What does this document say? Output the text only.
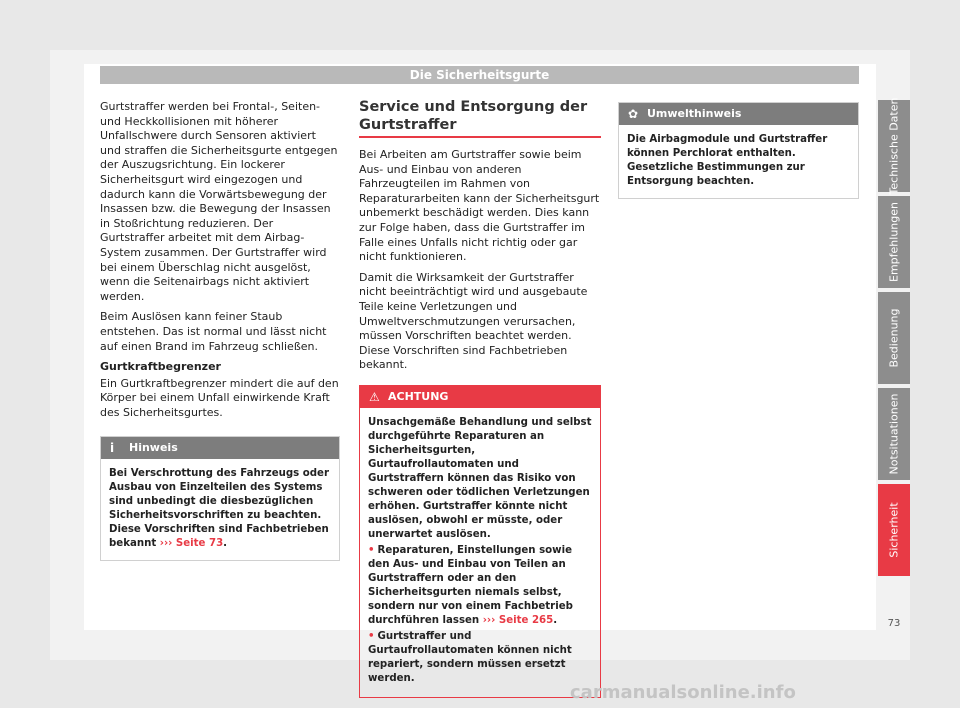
Die Sicherheitsgurte

Gurtstraffer werden bei Frontal-, Seiten- und Heckkollisionen mit höherer Unfallschwere durch Sensoren aktiviert und straffen die Sicherheitsgurte entgegen der Auszugsrichtung. Ein lockerer Sicherheitsgurt wird eingezogen und dadurch kann die Vorwärtsbewegung der Insassen bzw. die Bewegung der Insassen in Stoßrichtung reduzieren. Der Gurtstraffer arbeitet mit dem Airbag-System zusammen. Der Gurtstraffer wird bei einem Überschlag nicht ausgelöst, wenn die Seitenairbags nicht aktiviert werden.

Beim Auslösen kann feiner Staub entstehen. Das ist normal und lässt nicht auf einen Brand im Fahrzeug schließen.

Gurtkraftbegrenzer

Ein Gurtkraftbegrenzer mindert die auf den Körper bei einem Unfall einwirkende Kraft des Sicherheitsgurtes.

i Hinweis
Bei Verschrottung des Fahrzeugs oder Ausbau von Einzelteilen des Systems sind unbedingt die diesbezüglichen Sicherheitsvorschriften zu beachten. Diese Vorschriften sind Fachbetrieben bekannt ››› Seite 73.
Service und Entsorgung der Gurtstraffer

Bei Arbeiten am Gurtstraffer sowie beim Aus- und Einbau von anderen Fahrzeugteilen im Rahmen von Reparaturarbeiten kann der Sicherheitsgurt unbemerkt beschädigt werden. Dies kann zur Folge haben, dass die Gurtstraffer im Falle eines Unfalls nicht richtig oder gar nicht funktionieren.

Damit die Wirksamkeit der Gurtstraffer nicht beeinträchtigt wird und ausgebaute Teile keine Verletzungen und Umweltverschmutzungen verursachen, müssen Vorschriften beachtet werden. Diese Vorschriften sind Fachbetrieben bekannt.

⚠ ACHTUNG

Unsachgemäße Behandlung und selbst durchgeführte Reparaturen an Sicherheitsgurten, Gurtaufrollautomaten und Gurtstraffern können das Risiko von schweren oder tödlichen Verletzungen erhöhen. Gurtstraffer könnte nicht auslösen, obwohl er müsste, oder unerwartet auslösen.

• Reparaturen, Einstellungen sowie den Aus- und Einbau von Teilen an Gurtstraffern oder an den Sicherheitsgurten niemals selbst, sondern nur von einem Fachbetrieb durchführen lassen ››› Seite 265.

• Gurtstraffer und Gurtaufrollautomaten können nicht repariert, sondern müssen ersetzt werden.

✿ Umwelthinweis
Die Airbagmodule und Gurtstraffer können Perchlorat enthalten. Gesetzliche Bestimmungen zur Entsorgung beachten.	Technische Daten
Empfehlungen
Bedienung
Notsituationen
Sicherheit
73
carmanualsonline.info
